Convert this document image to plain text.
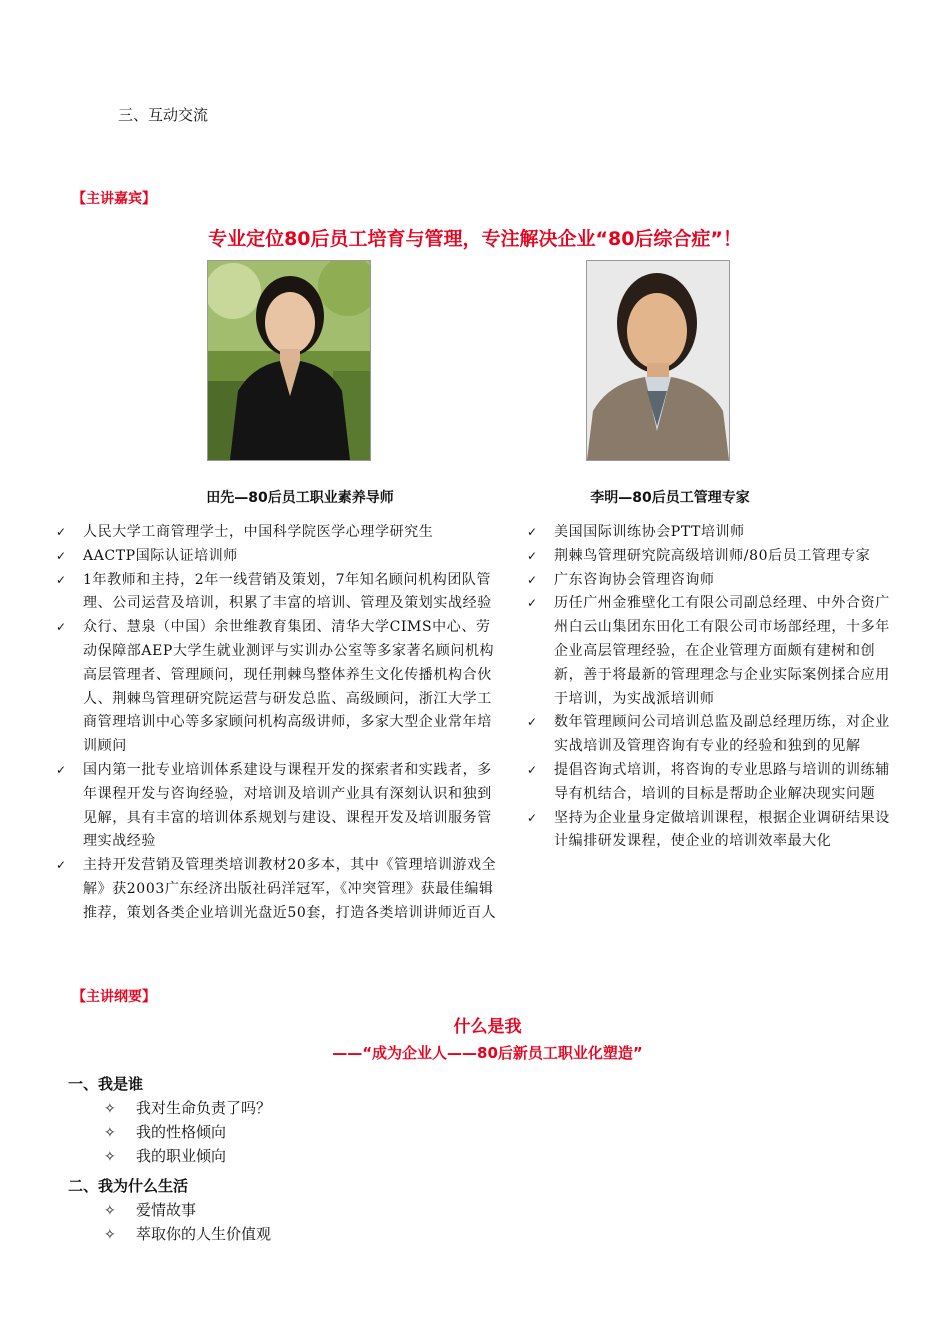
三、互动交流
【主讲嘉宾】
专业定位80后员工培育与管理，专注解决企业“80后综合症”！
田先—80后员工职业素养导师	李明—80后员工管理专家
✓ 人民大学工商管理学士，中国科学院医学心理学研究生
✓ AACTP国际认证培训师
✓ 1年教师和主持，2年一线营销及策划，7年知名顾问机构团队管理、公司运营及培训，积累了丰富的培训、管理及策划实战经验
✓ 众行、慧泉（中国）余世维教育集团、清华大学CIMS中心、劳动保障部AEP大学生就业测评与实训办公室等多家著名顾问机构高层管理者、管理顾问，现任荆棘鸟整体养生文化传播机构合伙人、荆棘鸟管理研究院运营与研发总监、高级顾问，浙江大学工商管理培训中心等多家顾问机构高级讲师，多家大型企业常年培训顾问
✓ 国内第一批专业培训体系建设与课程开发的探索者和实践者，多年课程开发与咨询经验，对培训及培训产业具有深刻认识和独到见解，具有丰富的培训体系规划与建设、课程开发及培训服务管理实战经验
✓ 主持开发营销及管理类培训教材20多本，其中《管理培训游戏全解》获2003广东经济出版社码洋冠军，《冲突管理》获最佳编辑推荐，策划各类企业培训光盘近50套，打造各类培训讲师近百人
✓ 美国国际训练协会PTT培训师
✓ 荆棘鸟管理研究院高级培训师/80后员工管理专家
✓ 广东咨询协会管理咨询师
✓ 历任广州金雅壁化工有限公司副总经理、中外合资广州白云山集团东田化工有限公司市场部经理，十多年企业高层管理经验，在企业管理方面颇有建树和创新，善于将最新的管理理念与企业实际案例揉合应用于培训，为实战派培训师
✓ 数年管理顾问公司培训总监及副总经理历练，对企业实战培训及管理咨询有专业的经验和独到的见解
✓ 提倡咨询式培训，将咨询的专业思路与培训的训练辅导有机结合，培训的目标是帮助企业解决现实问题
✓ 坚持为企业量身定做培训课程，根据企业调研结果设计编排研发课程，使企业的培训效率最大化
【主讲纲要】
什么是我
——“成为企业人——80后新员工职业化塑造”
一、我是谁
✧ 我对生命负责了吗？
✧ 我的性格倾向
✧ 我的职业倾向
二、我为什么生活
✧ 爱情故事
✧ 萃取你的人生价值观
